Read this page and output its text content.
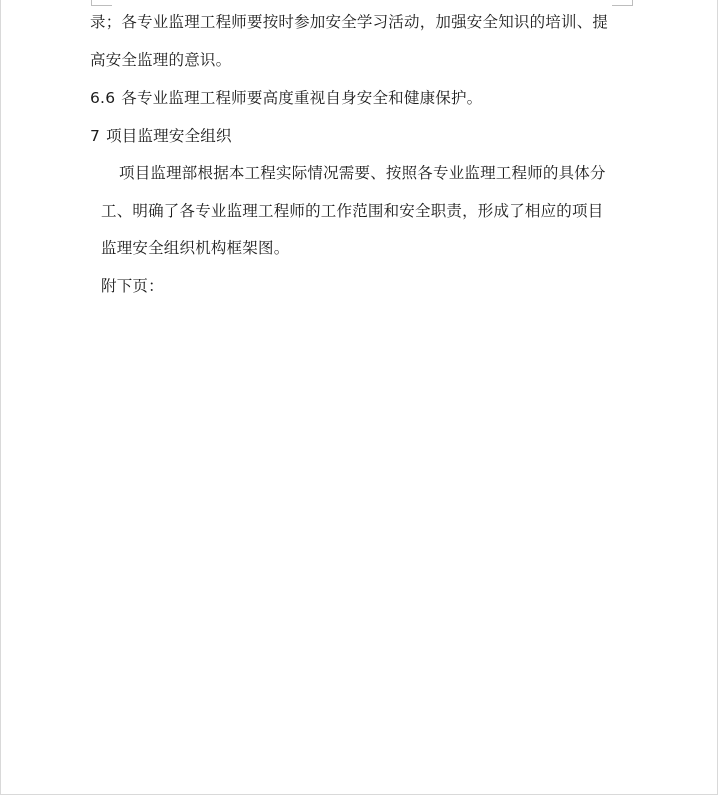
录；各专业监理工程师要按时参加安全学习活动，加强安全知识的培训、提
高安全监理的意识。
6.6 各专业监理工程师要高度重视自身安全和健康保护。
7 项目监理安全组织
项目监理部根据本工程实际情况需要、按照各专业监理工程师的具体分
工、明确了各专业监理工程师的工作范围和安全职责，形成了相应的项目
监理安全组织机构框架图。
附下页：
